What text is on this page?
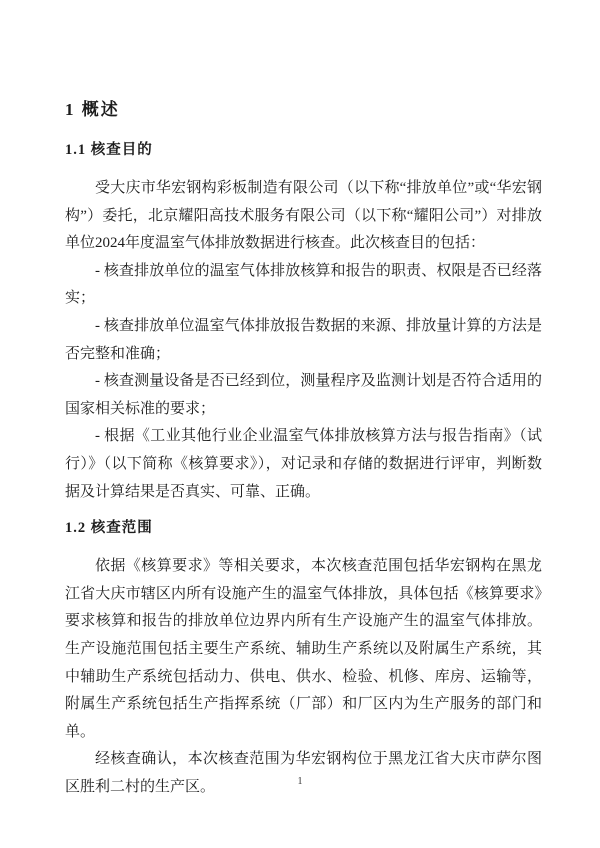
1 概述
1.1 核查目的

受大庆市华宏钢构彩板制造有限公司（以下称“排放单位”或“华宏钢构”）委托，北京耀阳高技术服务有限公司（以下称“耀阳公司”）对排放单位2024年度温室气体排放数据进行核查。此次核查目的包括：

- 核查排放单位的温室气体排放核算和报告的职责、权限是否已经落实；

- 核查排放单位温室气体排放报告数据的来源、排放量计算的方法是否完整和准确；

- 核查测量设备是否已经到位，测量程序及监测计划是否符合适用的国家相关标准的要求；

- 根据《工业其他行业企业温室气体排放核算方法与报告指南》（试行）》（以下简称《核算要求》），对记录和存储的数据进行评审，判断数据及计算结果是否真实、可靠、正确。

1.2 核查范围

依据《核算要求》等相关要求，本次核查范围包括华宏钢构在黑龙江省大庆市辖区内所有设施产生的温室气体排放，具体包括《核算要求》要求核算和报告的排放单位边界内所有生产设施产生的温室气体排放。生产设施范围包括主要生产系统、辅助生产系统以及附属生产系统，其中辅助生产系统包括动力、供电、供水、检验、机修、库房、运输等，附属生产系统包括生产指挥系统（厂部）和厂区内为生产服务的部门和单。

经核查确认，本次核查范围为华宏钢构位于黑龙江省大庆市萨尔图区胜利二村的生产区。	1
